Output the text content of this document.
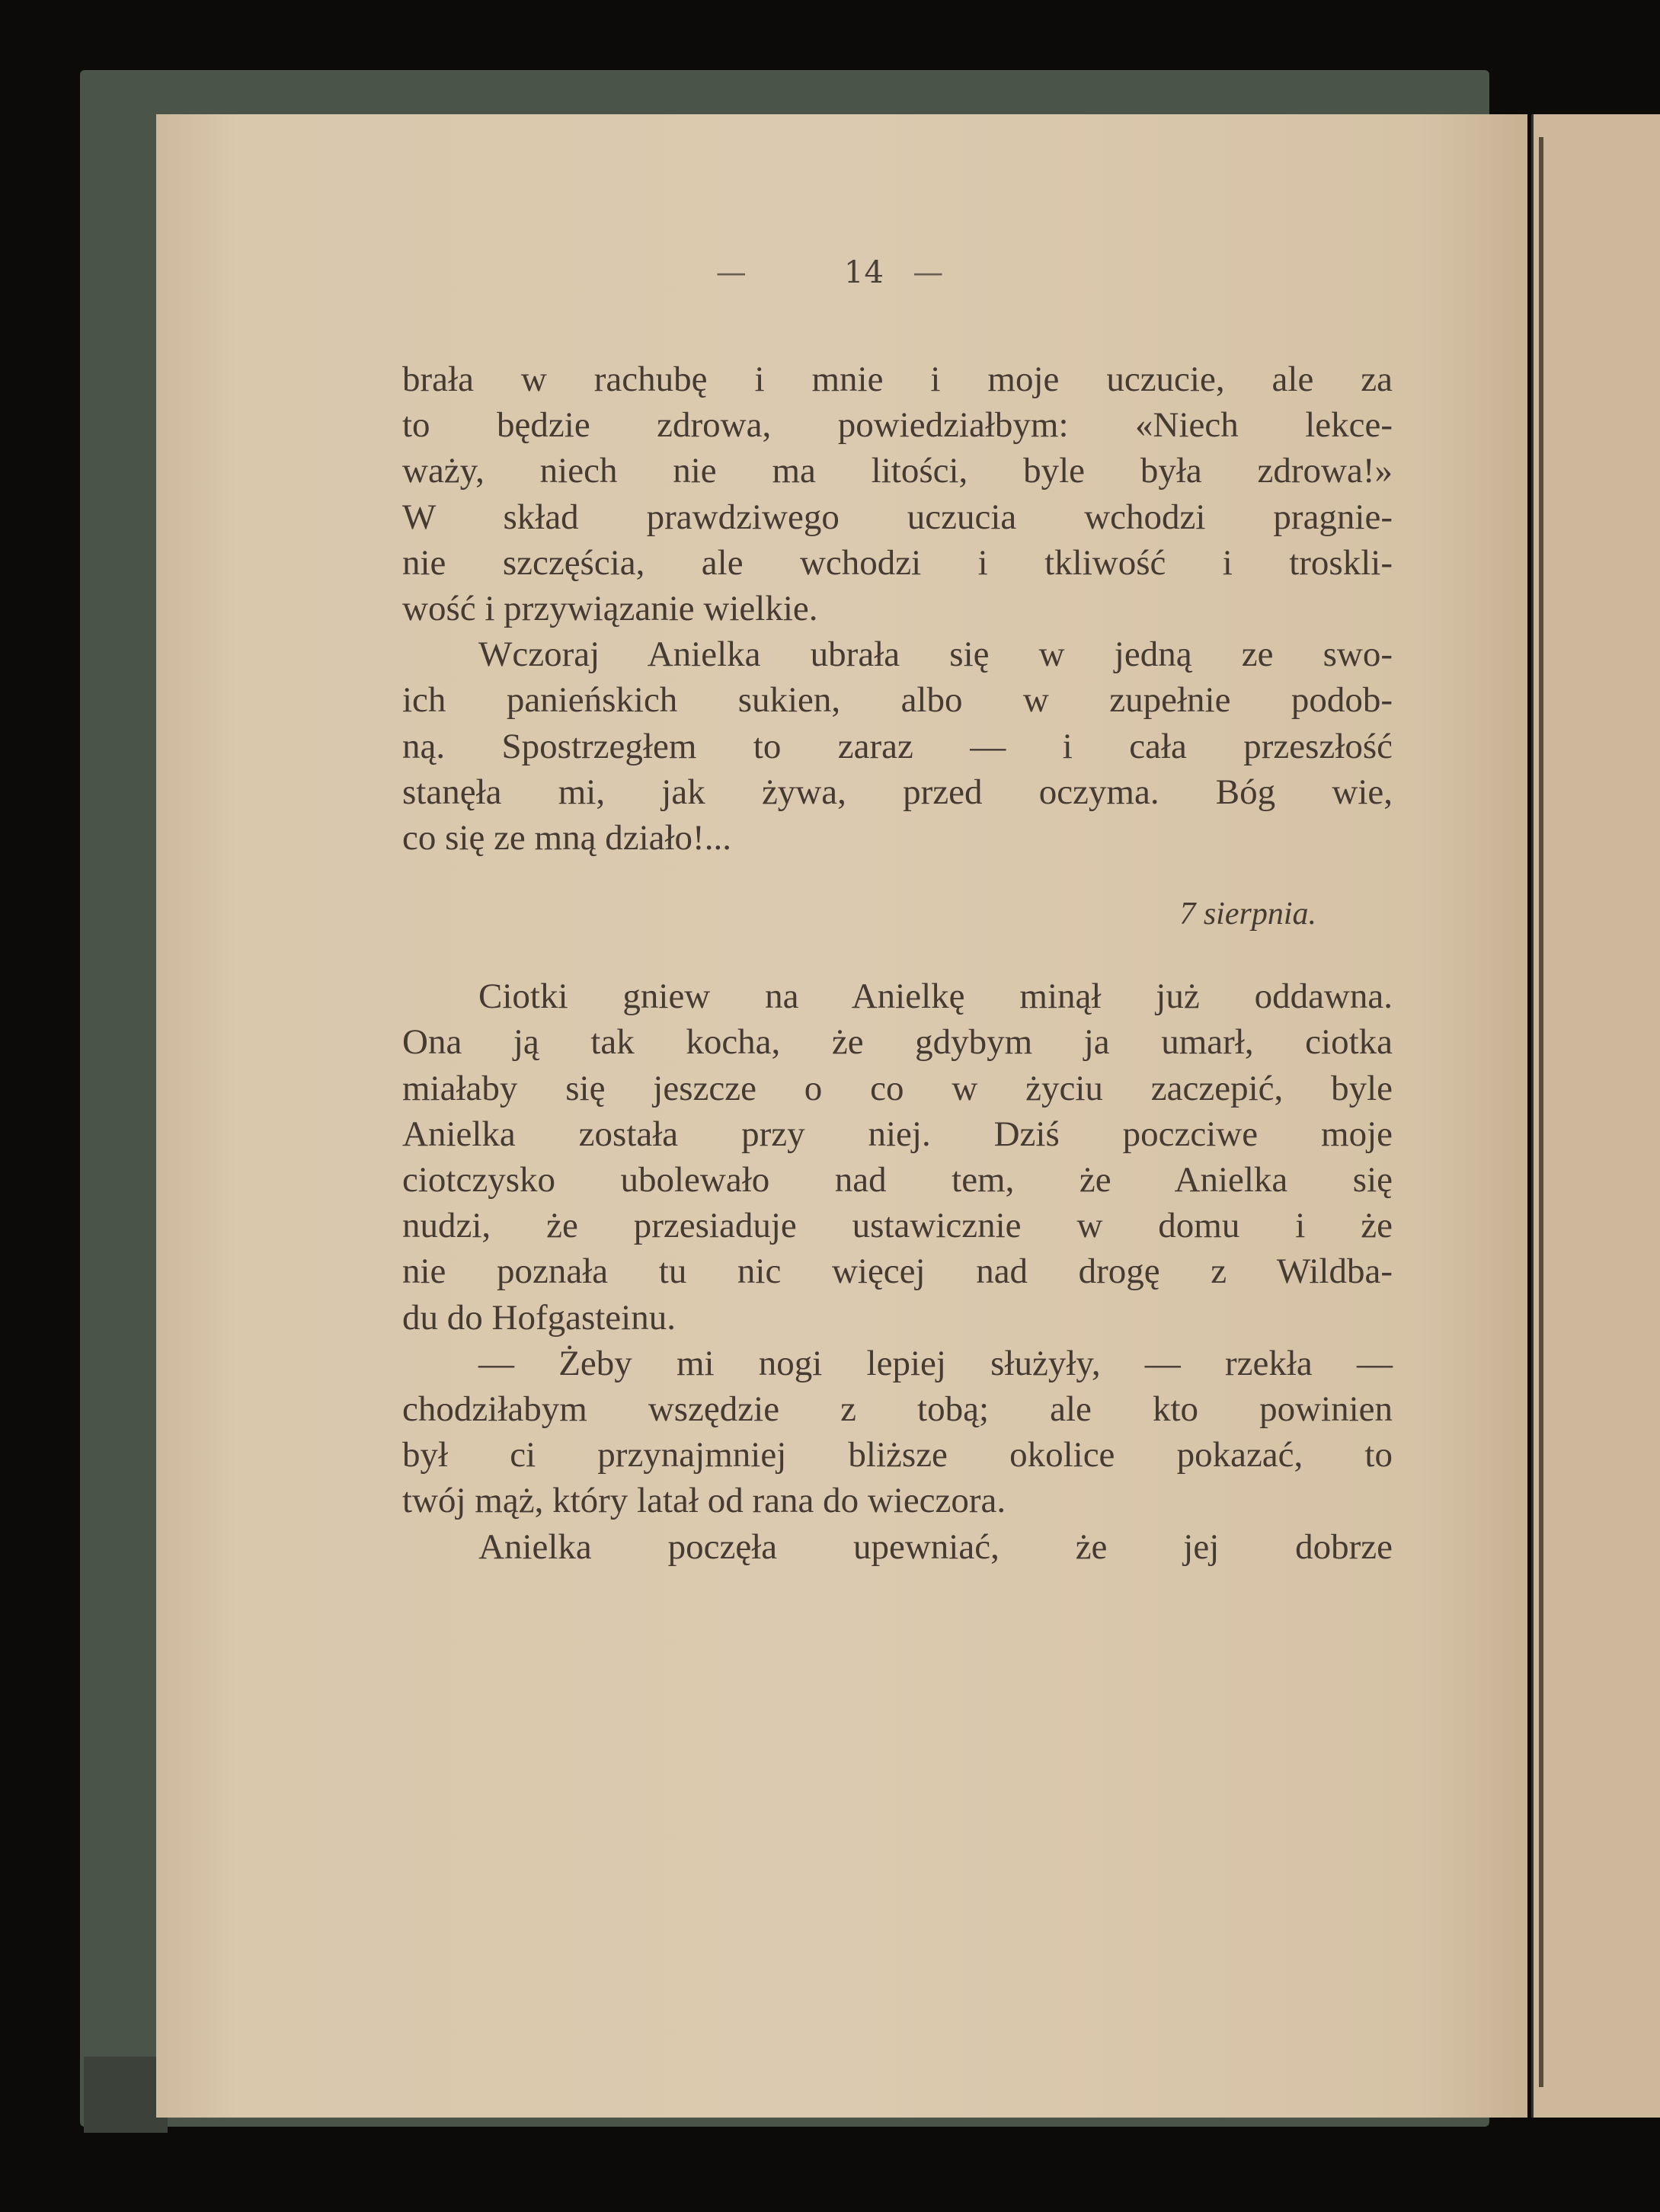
—	14 —
brała w rachubę i mnie i moje uczucie, ale za
to będzie zdrowa, powiedziałbym: «Niech lekce-
waży, niech nie ma litości, byle była zdrowa!»
W skład prawdziwego uczucia wchodzi pragnie-
nie szczęścia, ale wchodzi i tkliwość i troskli-
wość i przywiązanie wielkie.
Wczoraj Anielka ubrała się w jedną ze swo-
ich panieńskich sukien, albo w zupełnie podob-
ną. Spostrzegłem to zaraz — i cała przeszłość
stanęła mi, jak żywa, przed oczyma. Bóg wie,
co się ze mną działo!...
7 sierpnia.
Ciotki gniew na Anielkę minął już oddawna.
Ona ją tak kocha, że gdybym ja umarł, ciotka
miałaby się jeszcze o co w życiu zaczepić, byle
Anielka została przy niej. Dziś poczciwe moje
ciotczysko ubolewało nad tem, że Anielka się
nudzi, że przesiaduje ustawicznie w domu i że
nie poznała tu nic więcej nad drogę z Wildba-
du do Hofgasteinu.
— Żeby mi nogi lepiej służyły, — rzekła —
chodziłabym wszędzie z tobą; ale kto powinien
był ci przynajmniej bliższe okolice pokazać, to
twój mąż, który latał od rana do wieczora.
Anielka poczęła upewniać, że jej dobrze
